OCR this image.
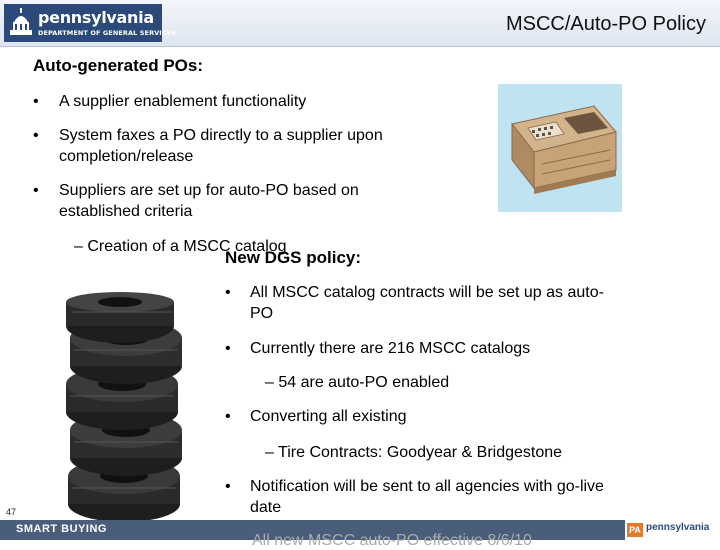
pennsylvania
DEPARTMENT OF GENERAL SERVICES	MSCC/Auto-PO Policy
Auto-generated POs:
• A supplier enablement functionality
• System faxes a PO directly to a supplier upon
completion/release
• Suppliers are set up for auto-PO based on
established criteria
– Creation of a MSCC catalog
New DGS policy:
• All MSCC catalog contracts will be set up as auto-
PO
• Currently there are 216 MSCC catalogs
– 54 are auto-PO enabled
• Converting all existing
– Tire Contracts: Goodyear & Bridgestone
• Notification will be sent to all agencies with go-live
date
47
SMART BUYING
All new MSCC auto-PO effective 8/6/10
PA pennsylvania
